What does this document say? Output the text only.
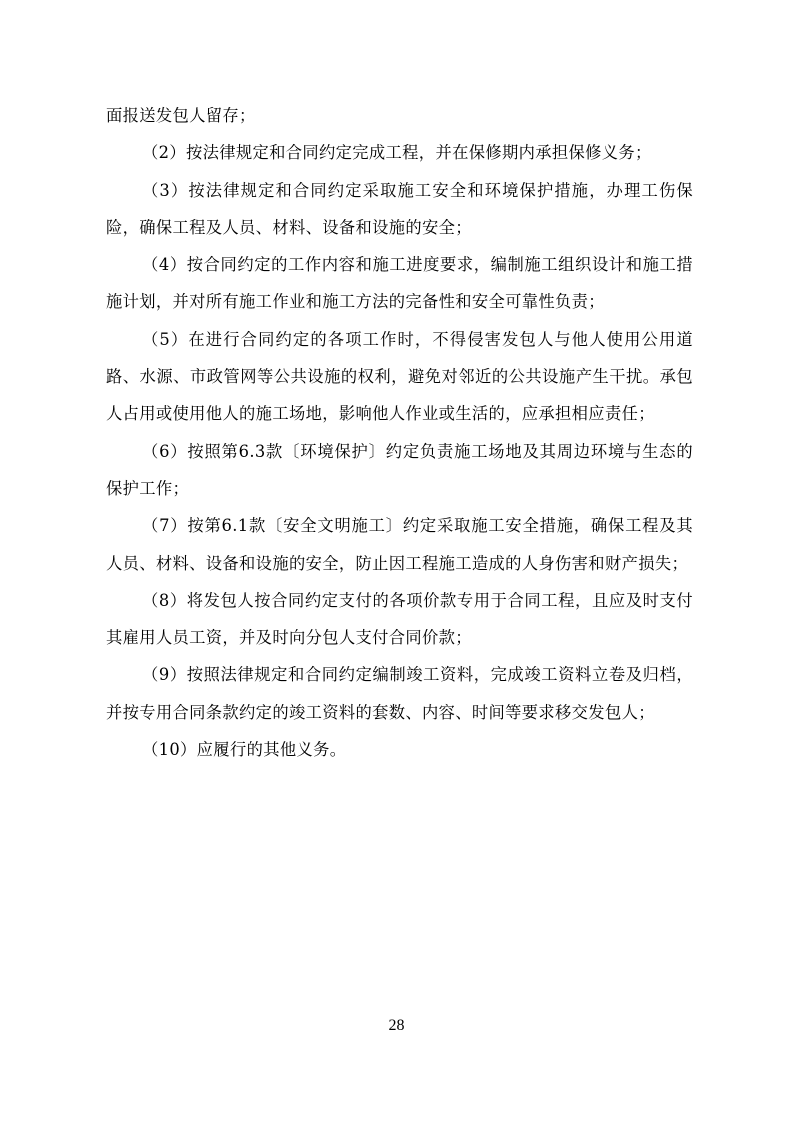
面报送发包人留存；

（2）按法律规定和合同约定完成工程，并在保修期内承担保修义务；

（3）按法律规定和合同约定采取施工安全和环境保护措施，办理工伤保险，确保工程及人员、材料、设备和设施的安全；

（4）按合同约定的工作内容和施工进度要求，编制施工组织设计和施工措施计划，并对所有施工作业和施工方法的完备性和安全可靠性负责；

（5）在进行合同约定的各项工作时，不得侵害发包人与他人使用公用道路、水源、市政管网等公共设施的权利，避免对邻近的公共设施产生干扰。承包人占用或使用他人的施工场地，影响他人作业或生活的，应承担相应责任；

（6）按照第6.3款〔环境保护〕约定负责施工场地及其周边环境与生态的保护工作；

（7）按第6.1款〔安全文明施工〕约定采取施工安全措施，确保工程及其人员、材料、设备和设施的安全，防止因工程施工造成的人身伤害和财产损失；

（8）将发包人按合同约定支付的各项价款专用于合同工程，且应及时支付其雇用人员工资，并及时向分包人支付合同价款；

（9）按照法律规定和合同约定编制竣工资料，完成竣工资料立卷及归档，并按专用合同条款约定的竣工资料的套数、内容、时间等要求移交发包人；

（10）应履行的其他义务。

28
